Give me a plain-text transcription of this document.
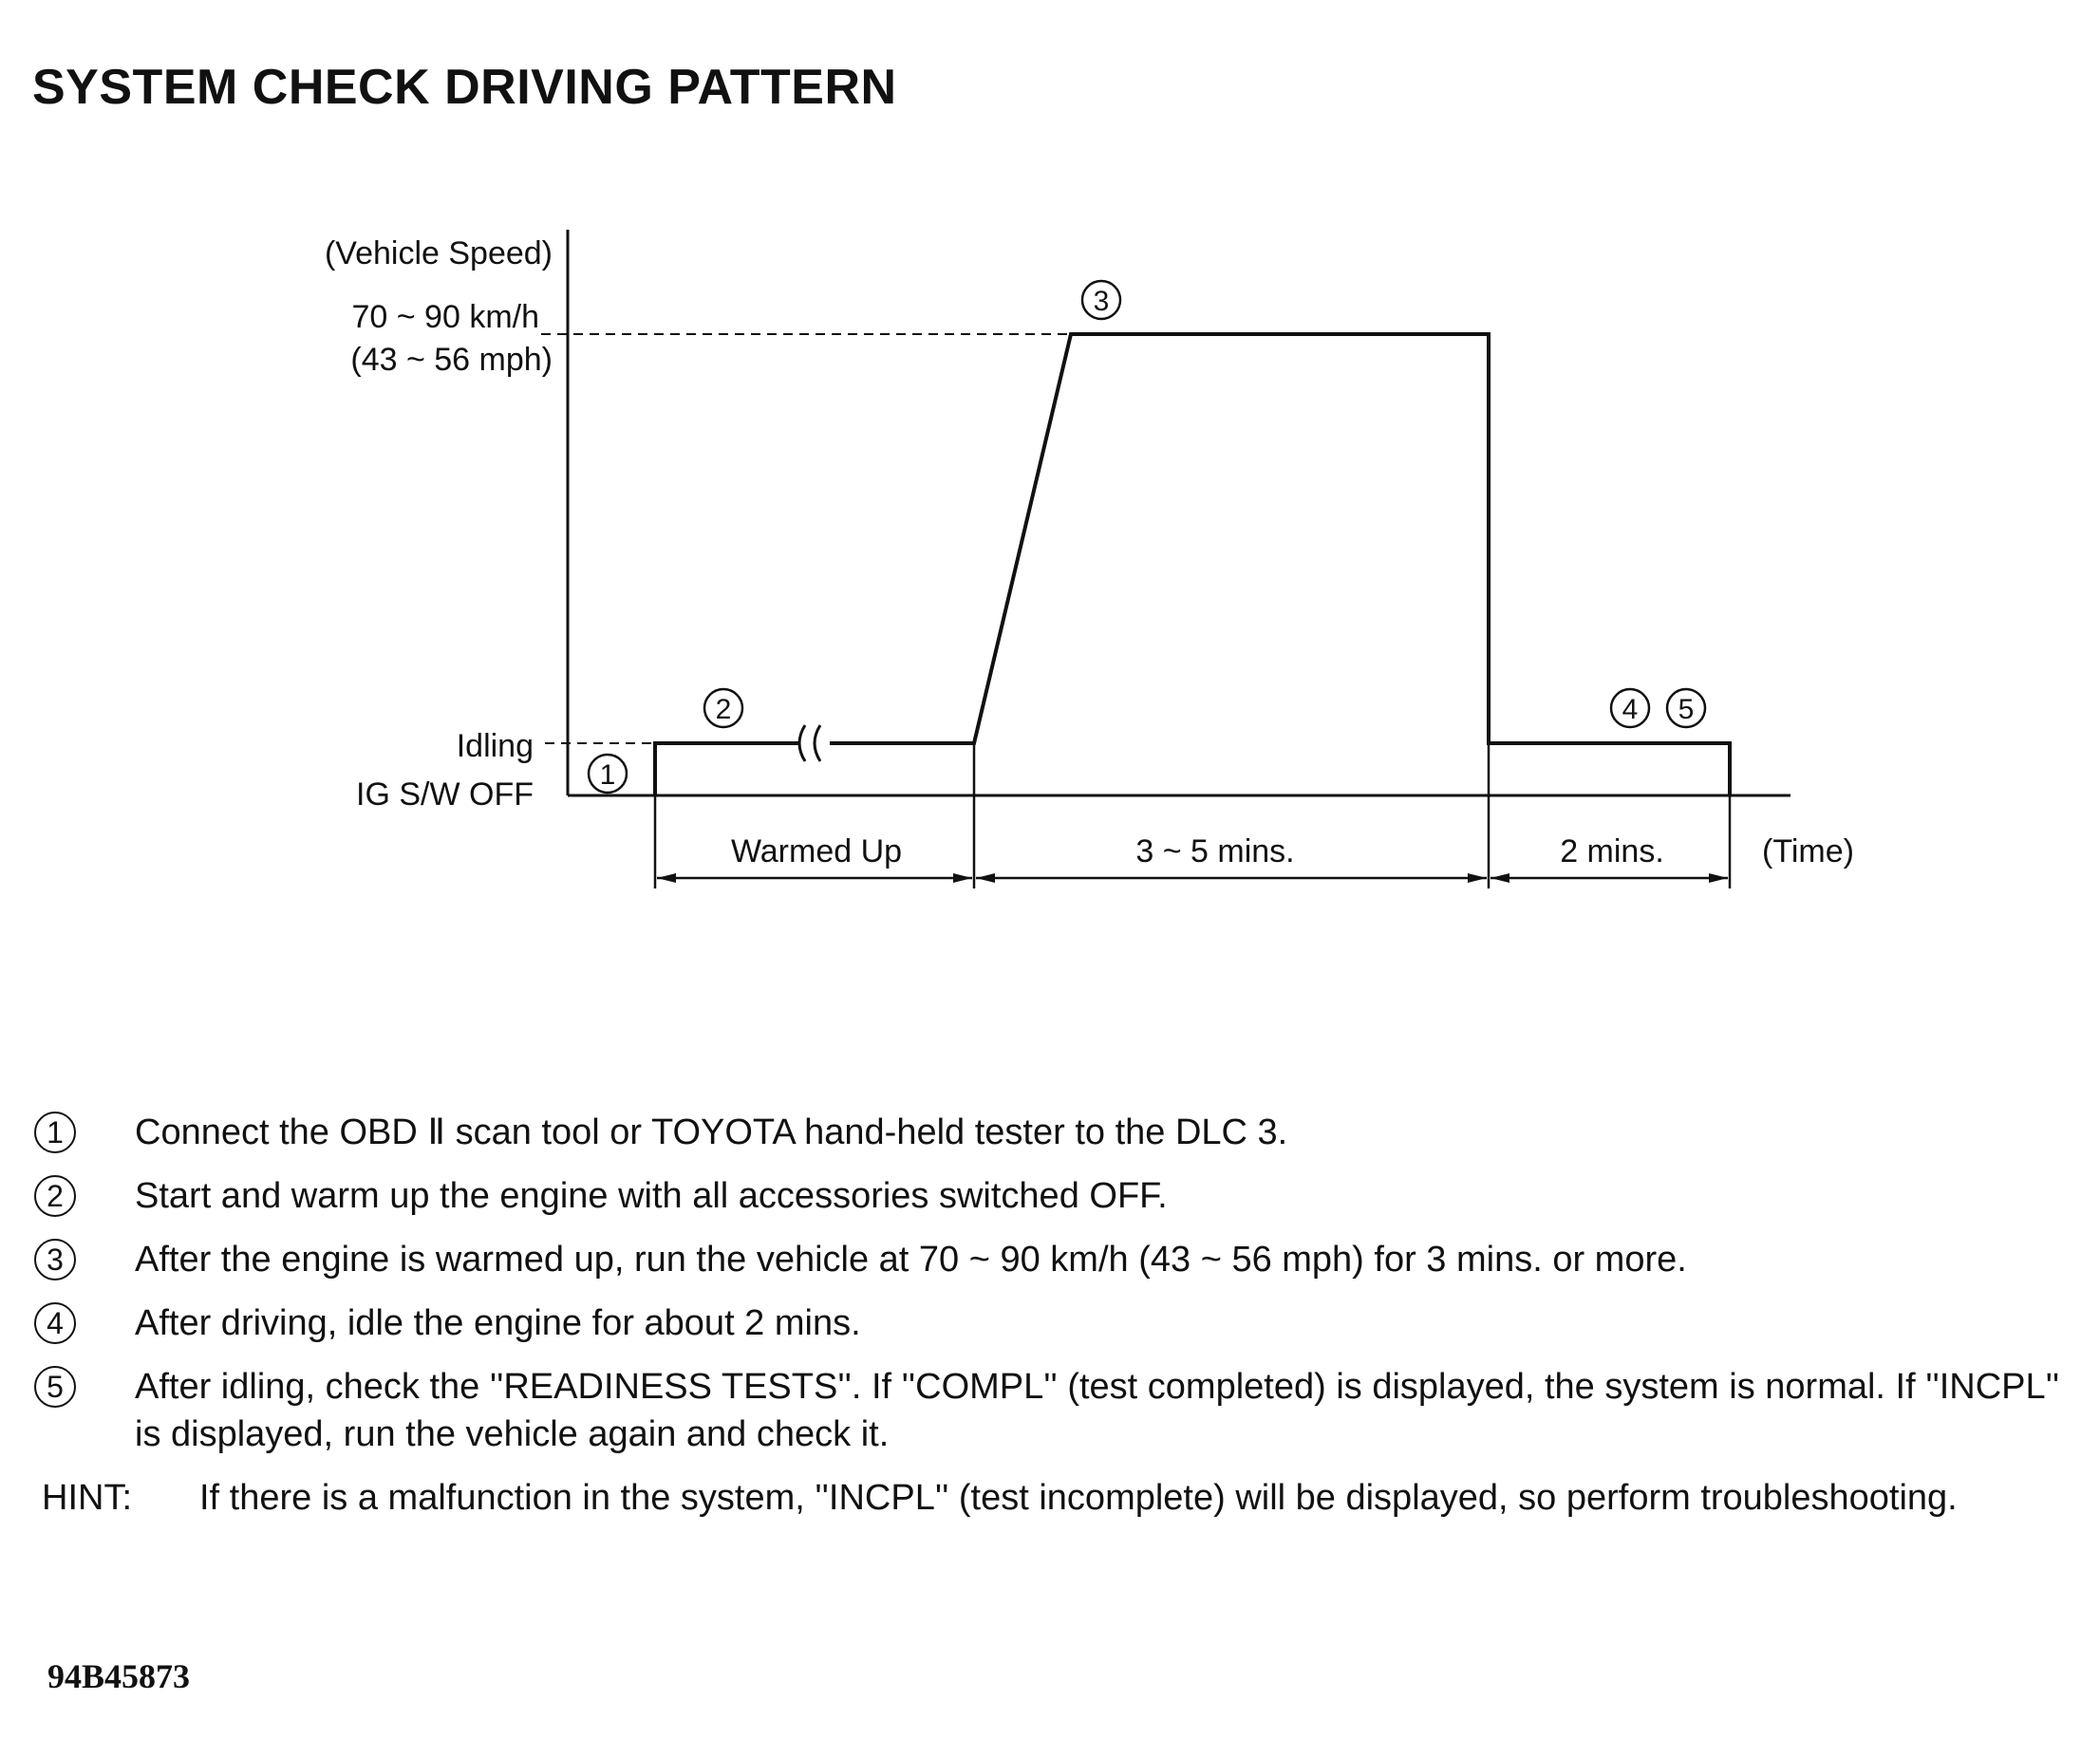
SYSTEM CHECK DRIVING PATTERN
(Vehicle Speed)
70 ~ 90 km/h
(43 ~ 56 mph)
Idling
IG S/W OFF
Warmed Up	3 ~ 5 mins.	2 mins.	(Time)
1
2
3
4 5
1	Connect the OBD Ⅱ scan tool or TOYOTA hand-held tester to the DLC 3.
2	Start and warm up the engine with all accessories switched OFF.
3	After the engine is warmed up, run the vehicle at 70 ~ 90 km/h (43 ~ 56 mph) for 3 mins. or more.
4	After driving, idle the engine for about 2 mins.
5	After idling, check the ''READINESS TESTS''. If ''COMPL'' (test completed) is displayed, the system is normal. If ''INCPL'' is displayed, run the vehicle again and check it.
HINT:	If there is a malfunction in the system, ''INCPL'' (test incomplete) will be displayed, so perform troubleshooting.
94B45873
